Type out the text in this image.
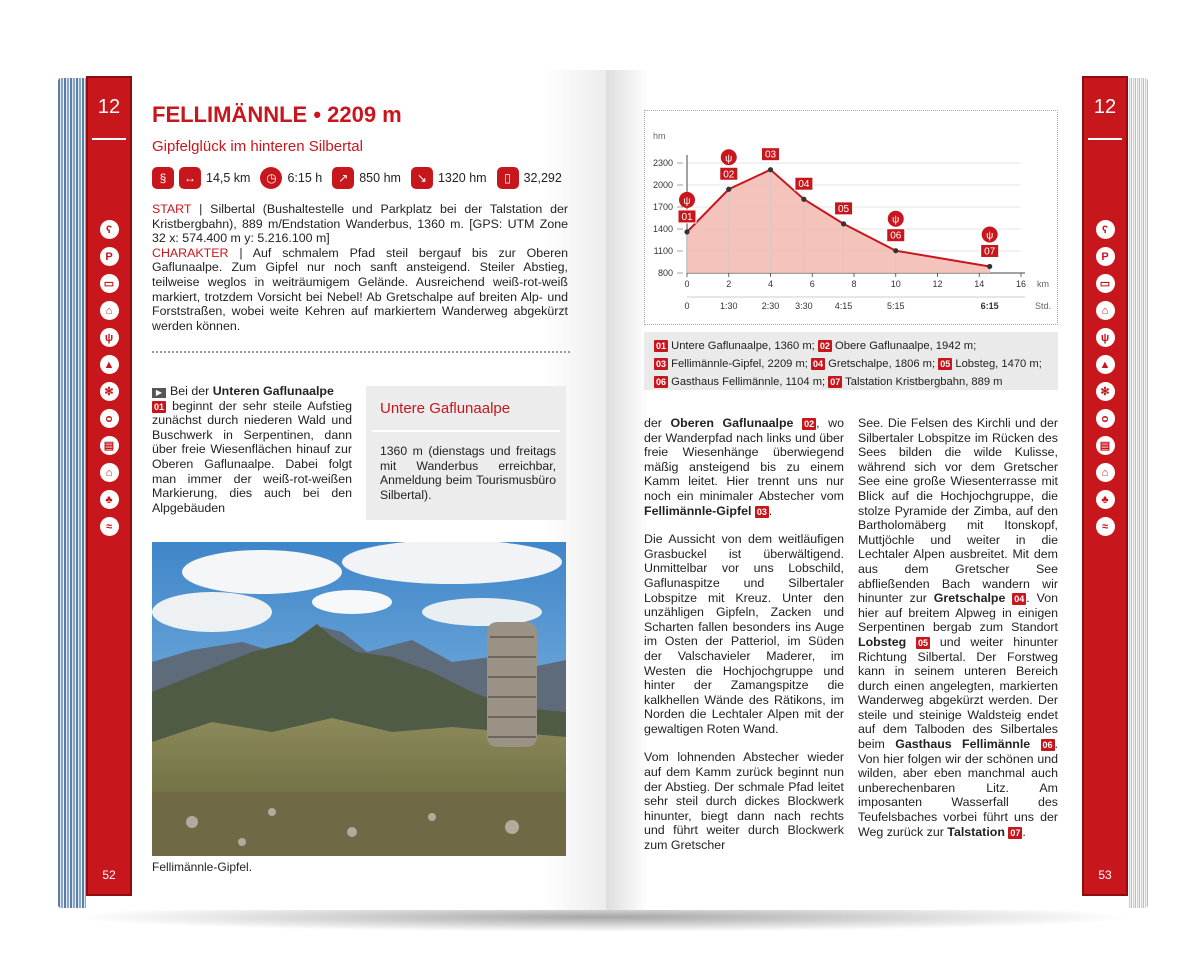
12
ʕ
P
▭
⌂
ψ
▲
✻
ᴑ
▤
⌂
♣
≈
52
FELLIMÄNNLE • 2209 m
Gipfelglück im hinteren Silbertal
§	↔ 14,5 km	◷ 6:15 h	↗ 850 hm	↘ 1320 hm	▯	32,292
START | Silbertal (Bushaltestelle und Parkplatz bei der Talstation der Kristbergbahn), 889 m/Endstation Wanderbus, 1360 m. [GPS: UTM Zone 32 x: 574.400 m y: 5.216.100 m]
CHARAKTER | Auf schmalem Pfad steil bergauf bis zur Oberen Gaflunaalpe. Zum Gipfel nur noch sanft ansteigend. Steiler Abstieg, teilweise weglos in weiträumigem Gelände. Ausreichend weiß-rot-weiß markiert, trotzdem Vorsicht bei Nebel! Ab Gretschalpe auf breiten Alp- und Forststraßen, wobei weite Kehren auf markiertem Wanderweg abgekürzt werden können.
▶ Bei der Unteren Gaflunaalpe
01 beginnt der sehr steile Aufstieg zunächst durch niederen Wald und Buschwerk in Serpentinen, dann über freie Wiesenflächen hinauf zur Oberen Gaflunaalpe. Dabei folgt man immer der weiß-rot-weißen Markierung, dies auch bei den Alpgebäuden
Untere Gaflunaalpe
1360 m (dienstags und freitags mit Wanderbus erreichbar, Anmeldung beim Tourismusbüro Silbertal).
Fellimännle-Gipfel.
12
ʕ
P
▭
⌂
ψ
▲
✻
ᴑ
▤
⌂
♣
≈
53
hm
800
1100
1400
1700
2000
2300
0	2	4	6	8	10	12	14	16 km
0	1:30	2:30 3:30 4:15	5:15	6:15	Std.
01
ψ
02
ψ	03
04
05
06
ψ
07
ψ
01 Untere Gaflunaalpe, 1360 m; 02 Obere Gaflunaalpe, 1942 m;
03 Fellimännle-Gipfel, 2209 m; 04 Gretschalpe, 1806 m; 05 Lobsteg, 1470 m;
06 Gasthaus Fellimännle, 1104 m; 07 Talstation Kristbergbahn, 889 m

der Oberen Gaflunaalpe 02 , wo der Wanderpfad nach links und über freie Wiesenhänge überwiegend mäßig ansteigend bis zu einem Kamm leitet. Hier trennt uns nur noch ein minimaler Abstecher vom Fellimännle-Gipfel 03 .

Die Aussicht von dem weitläufigen Grasbuckel ist überwältigend. Unmittelbar vor uns Lobschild, Gaflunaspitze und Silbertaler Lobspitze mit Kreuz. Unter den unzähligen Gipfeln, Zacken und Scharten fallen besonders ins Auge im Osten der Patteriol, im Süden der Valschavieler Maderer, im Westen die Hochjochgruppe und hinter der Zamangspitze die kalkhellen Wände des Rätikons, im Norden die Lechtaler Alpen mit der gewaltigen Roten Wand.

Vom lohnenden Abstecher wieder auf dem Kamm zurück beginnt nun der Abstieg. Der schmale Pfad leitet sehr steil durch dickes Blockwerk hinunter, biegt dann nach rechts und führt weiter durch Blockwerk zum Gretscher

See. Die Felsen des Kirchli und der Silbertaler Lobspitze im Rücken des Sees bilden die wilde Kulisse, während sich vor dem Gretscher See eine große Wiesenterrasse mit Blick auf die Hochjochgruppe, die stolze Pyramide der Zimba, auf den Bartholomäberg mit Itonskopf, Muttjöchle und weiter in die Lechtaler Alpen ausbreitet. Mit dem aus dem Gretscher See abfließenden Bach wandern wir hinunter zur Gretschalpe 04 . Von hier auf breitem Alpweg in einigen Serpentinen bergab zum Standort Lobsteg 05 und weiter hinunter Richtung Silbertal. Der Forstweg kann in seinem unteren Bereich durch einen angelegten, markierten Wanderweg abgekürzt werden. Der steile und steinige Waldsteig endet auf dem Talboden des Silbertales beim Gasthaus Fellimännle 06 . Von hier folgen wir der schönen und wilden, aber eben manchmal auch unberechenbaren Litz. Am imposanten Wasserfall des Teufelsbaches vorbei führt uns der Weg zurück zur Talstation 07 .
